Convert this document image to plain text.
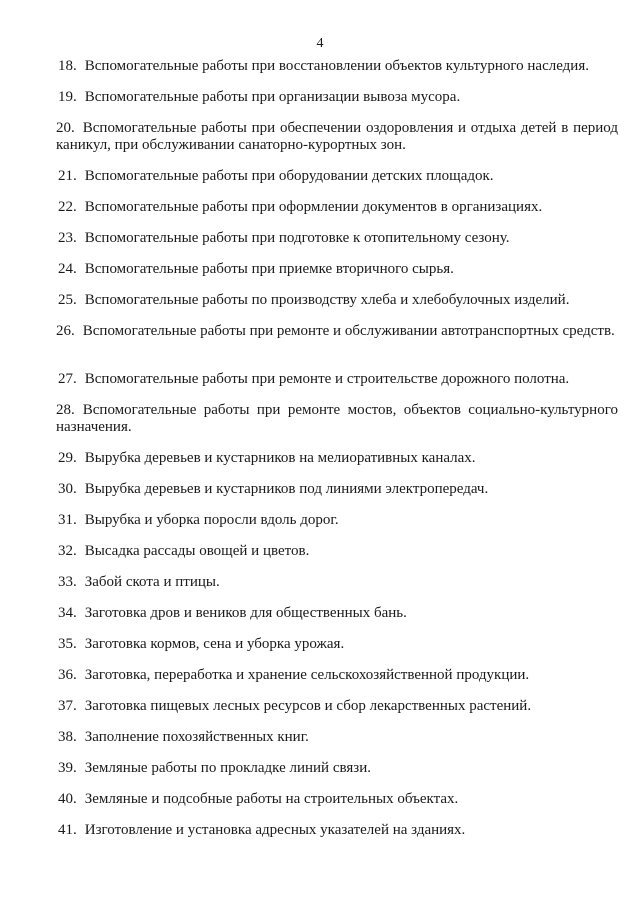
4
18. Вспомогательные работы при восстановлении объектов культурного наследия.
19. Вспомогательные работы при организации вывоза мусора.
20. Вспомогательные работы при обеспечении оздоровления и отдыха детей в период каникул, при обслуживании санаторно-курортных зон.
21. Вспомогательные работы при оборудовании детских площадок.
22. Вспомогательные работы при оформлении документов в организациях.
23. Вспомогательные работы при подготовке к отопительному сезону.
24. Вспомогательные работы при приемке вторичного сырья.
25. Вспомогательные работы по производству хлеба и хлебобулочных изделий.
26. Вспомогательные работы при ремонте и обслуживании автотранспортных средств.
27. Вспомогательные работы при ремонте и строительстве дорожного полотна.
28. Вспомогательные работы при ремонте мостов, объектов социально-культурного назначения.
29. Вырубка деревьев и кустарников на мелиоративных каналах.
30. Вырубка деревьев и кустарников под линиями электропередач.
31. Вырубка и уборка поросли вдоль дорог.
32. Высадка рассады овощей и цветов.
33. Забой скота и птицы.
34. Заготовка дров и веников для общественных бань.
35. Заготовка кормов, сена и уборка урожая.
36. Заготовка, переработка и хранение сельскохозяйственной продукции.
37. Заготовка пищевых лесных ресурсов и сбор лекарственных растений.
38. Заполнение похозяйственных книг.
39. Земляные работы по прокладке линий связи.
40. Земляные и подсобные работы на строительных объектах.
41. Изготовление и установка адресных указателей на зданиях.
